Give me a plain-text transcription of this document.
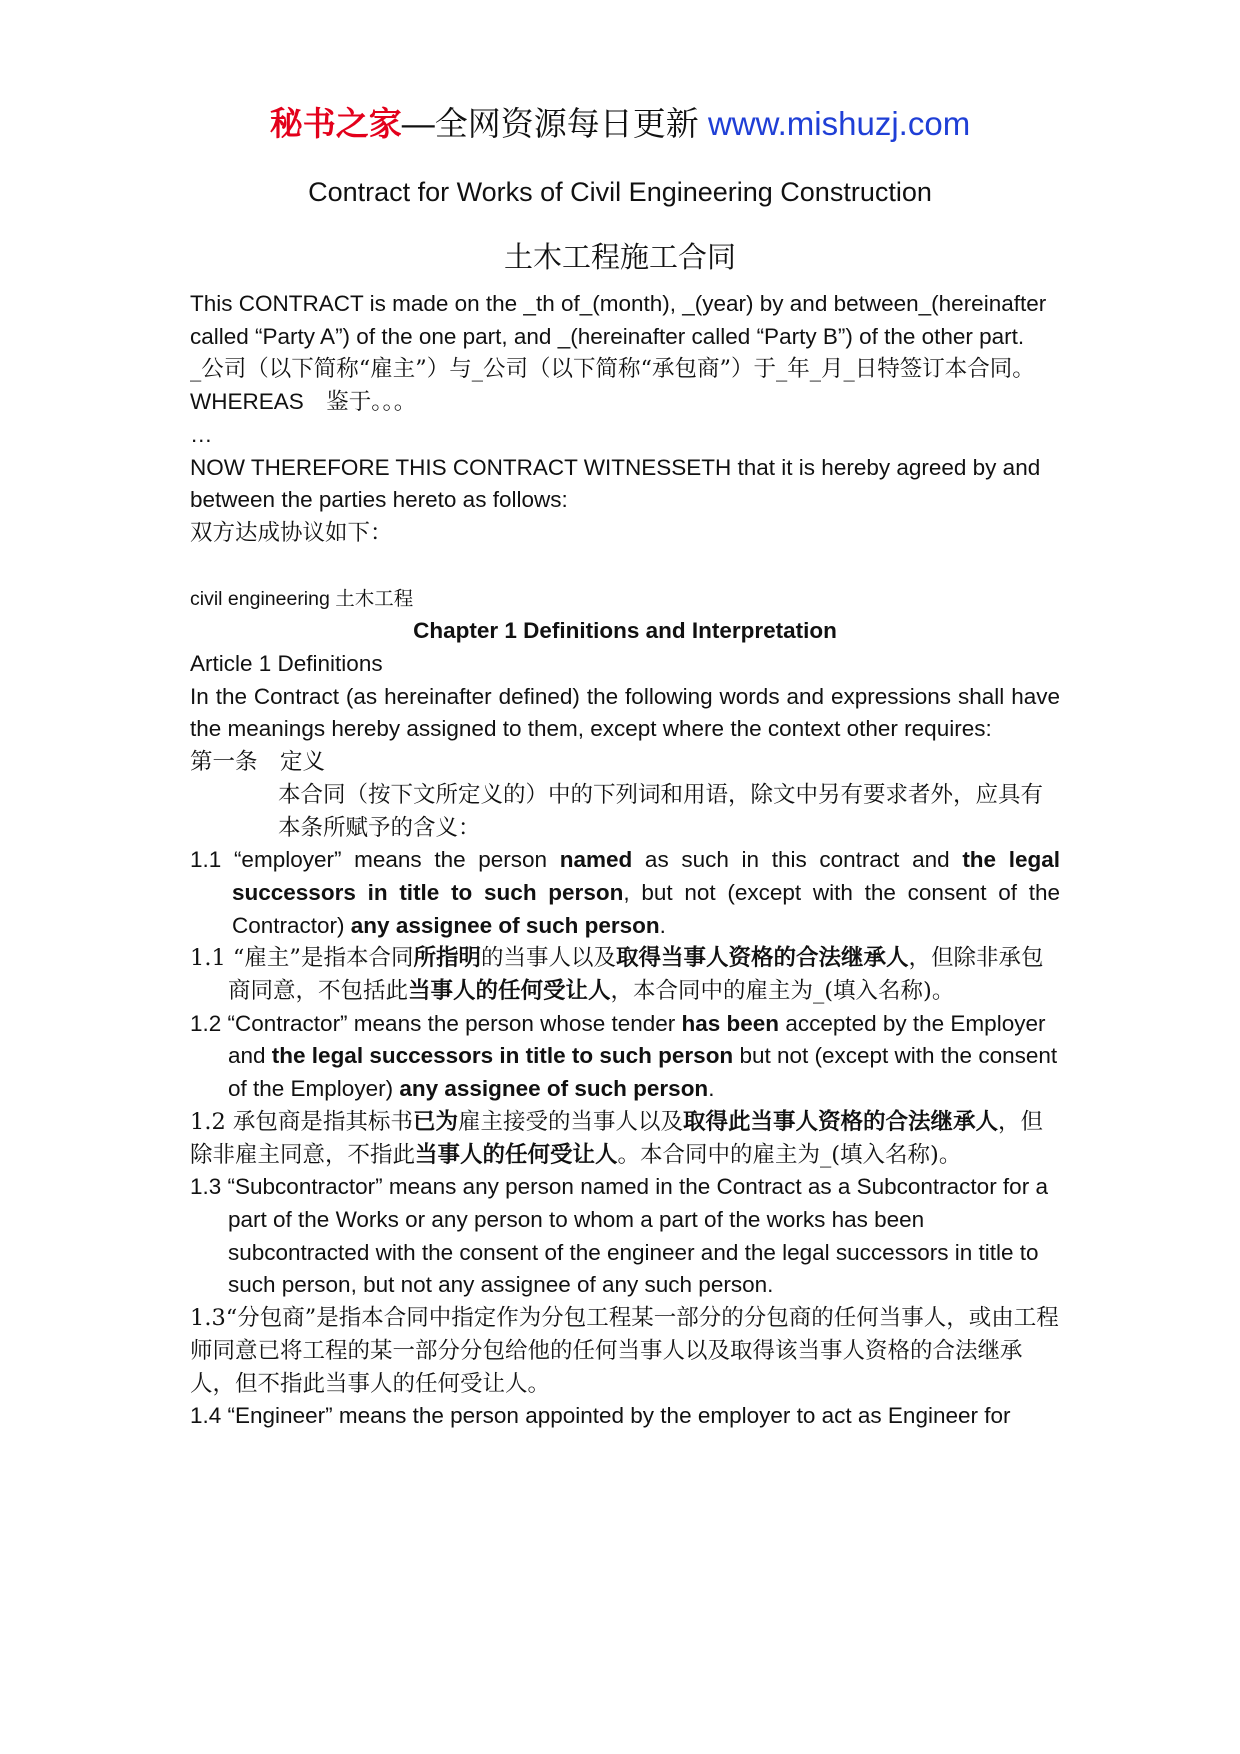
秘书之家—全网资源每日更新 www.mishuzj.com
Contract for Works of Civil Engineering Construction
土木工程施工合同

This CONTRACT is made on the _th of_(month), _(year) by and between_(hereinafter called “Party A”) of the one part, and _(hereinafter called “Party B”) of the other part.

_公司（以下简称“雇主”）与_公司（以下简称“承包商”）于_年_月_日特签订本合同。

WHEREAS　鉴于。。。

…

NOW THEREFORE THIS CONTRACT WITNESSETH that it is hereby agreed by and between the parties hereto as follows:

双方达成协议如下：

civil engineering 土木工程

Chapter 1 Definitions and Interpretation

Article 1 Definitions

In the Contract (as hereinafter defined) the following words and expressions shall have the meanings hereby assigned to them, except where the context other requires:

第一条　定义

本合同（按下文所定义的）中的下列词和用语，除文中另有要求者外，应具有本条所赋予的含义：

1.1 “employer” means the person named as such in this contract and the legal successors in title to such person, but not (except with the consent of the Contractor) any assignee of such person.

1.1 “雇主”是指本合同所指明的当事人以及取得当事人资格的合法继承人，但除非承包商同意，不包括此当事人的任何受让人，本合同中的雇主为_(填入名称)。

1.2 “Contractor” means the person whose tender has been accepted by the Employer and the legal successors in title to such person but not (except with the consent of the Employer) any assignee of such person.

1.2 承包商是指其标书已为雇主接受的当事人以及取得此当事人资格的合法继承人，但除非雇主同意，不指此当事人的任何受让人。本合同中的雇主为_(填入名称)。

1.3 “Subcontractor” means any person named in the Contract as a Subcontractor for a part of the Works or any person to whom a part of the works has been subcontracted with the consent of the engineer and the legal successors in title to such person, but not any assignee of any such person.

1.3“分包商”是指本合同中指定作为分包工程某一部分的分包商的任何当事人，或由工程师同意已将工程的某一部分分包给他的任何当事人以及取得该当事人资格的合法继承人，但不指此当事人的任何受让人。

1.4 “Engineer” means the person appointed by the employer to act as Engineer for
